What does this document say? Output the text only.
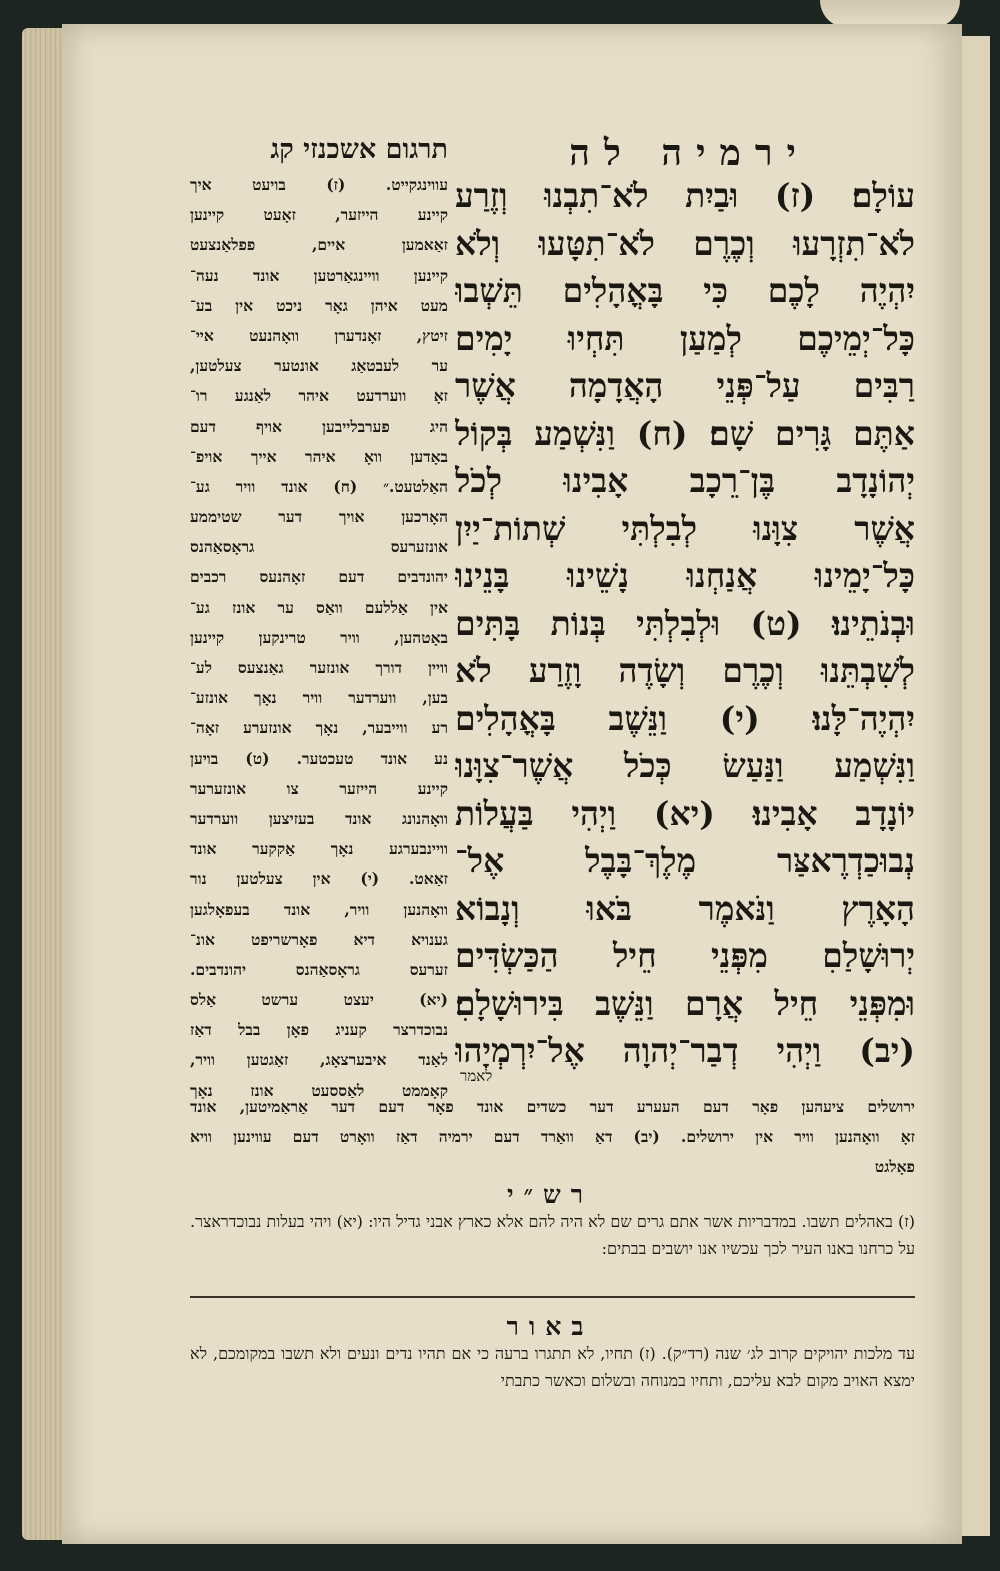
ירמיה לה
תרגום אשכנזי קג
עוֹלָם׃ (ז) וּבַיִת לֹא־תִבְנוּ וְזֶרַע
לֹא־תִזְרָעוּ וְכֶרֶם לֹא־תִטָּעוּ וְלֹא
יִהְיֶה לָכֶם כִּי בָּאֳהָלִים תֵּשְׁבוּ
כָּל־יְמֵיכֶם לְמַעַן תִּחְיוּ יָמִים
רַבִּים עַל־פְּנֵי הָאֲדָמָה אֲשֶׁר
אַתֶּם גָּרִים שָׁם׃ (ח) וַנִּשְׁמַע בְּקוֹל
יְהוֹנָדָב בֶּן־רֵכָב אָבִינוּ לְכֹל
אֲשֶׁר צִוָּנוּ לְבִלְתִּי שְׁתוֹת־יַיִן
כָּל־יָמֵינוּ אֲנַחְנוּ נָשֵׁינוּ בָּנֵינוּ
וּבְנֹתֵינוּ׃ (ט) וּלְבִלְתִּי בְּנוֹת בָּתִּים
לְשִׁבְתֵּנוּ וְכֶרֶם וְשָׂדֶה וָזֶרַע לֹא
יִהְיֶה־לָּנוּ׃ (י) וַנֵּשֶׁב בָּאֳהָלִים
וַנִּשְׁמַע וַנַּעַשׂ כְּכֹל אֲשֶׁר־צִוָּנוּ
יוֹנָדָב אָבִינוּ׃ (יא) וַיְהִי בַּעֲלוֹת
נְבוּכַדְרֶאצַּר מֶלֶךְ־בָּבֶל אֶל־
הָאָרֶץ וַנֹּאמֶר בֹּאוּ וְנָבוֹא
יְרוּשָׁלַםִ מִפְּנֵי חֵיל הַכַּשְׂדִּים
וּמִפְּנֵי חֵיל אֲרָם וַנֵּשֶׁב בִּירוּשָׁלָםִ׃
(יב) וַיְהִי דְבַר־יְהוָה אֶל־יִרְמְיָהוּ
לאמר
עווינגקייט. (ז) בויעט איך
קיינע הייזער, זאָעט קיינען
זאַאמען איים, פפלאַנצעט
קיינען וויינגאַרטען אונד נעה־
מעט איהן גאָר ניכט אין בע־
זיטץ, זאָנדערן וואָהנעט אײ־
ער לעבטאַג אונטער צעלטען,
זאָ ווערדעט איהר לאַנגע רו־
היג פערבלייבען אויף דעם
באָדען וואָ איהר אייך אויפ־
האַלטעט.״ (ח) אונד וויר גע־
האָרכען אויך דער שטיממע
אונזערעס גראָסאַהנס
יהונדבים דעם זאָהנעס רכבים
אין אַללעם וואַס ער אונז גע־
באָטהען, וויר טרינקען קיינען
וויין דורך אונזער גאַנצעס לע־
בען, ווערדער וויר נאָך אונזע־
רע ווייבער, נאָך אונזערע זאָה־
נע אונד טעכטער. (ט) בויען
קיינע הייזער צו אונזערער
וואָהנונג אונד בעזיצען ווערדער
וויינבערגע נאָך אַקקער אונד
זאַאט. (י) אין צעלטען נור
וואָהנען וויר, אונד בעפאָלגען
גענויא דיא פאָרשריפט אונ־
זערעס גראָסאַהנס יהונדבים.
(יא) יעצט ערשט אַלס
נבוכדרצר קעניג פאָן בבל דאַז
לאַנד איבערצאָג, זאַגטען וויר,
קאָממט לאַססעט אונז נאָך
ירושלים ציעהען פאָר דעם העערע דער כשדים אונד פאָר דעם דער אַראַמיטען, אונד
זאָ וואָהנען וויר אין ירושלים. (יב) דאַ וואַרד דעם ירמיה דאַז וואָרט דעם עווינען וויא
פאָלגט
רש״י
(ז) באהלים תשבו. במדבריות אשר אתם גרים שם לא היה להם אלא כארץ אבני גדיל היו: (יא) ויהי בעלות נבוכדראצר. על כרחנו באנו העיר לכך עכשיו אנו יושבים בבתים:
באור
עד מלכות יהויקים קרוב לג׳ שנה (רד״ק). (ז) תחיו, לא תתגרו ברעה כי אם תהיו נדים ונעים ולא תשבו במקומכם, לא ימצא האויב מקום לבא עליכם, ותחיו במנוחה ובשלום וכאשר כתבתי
